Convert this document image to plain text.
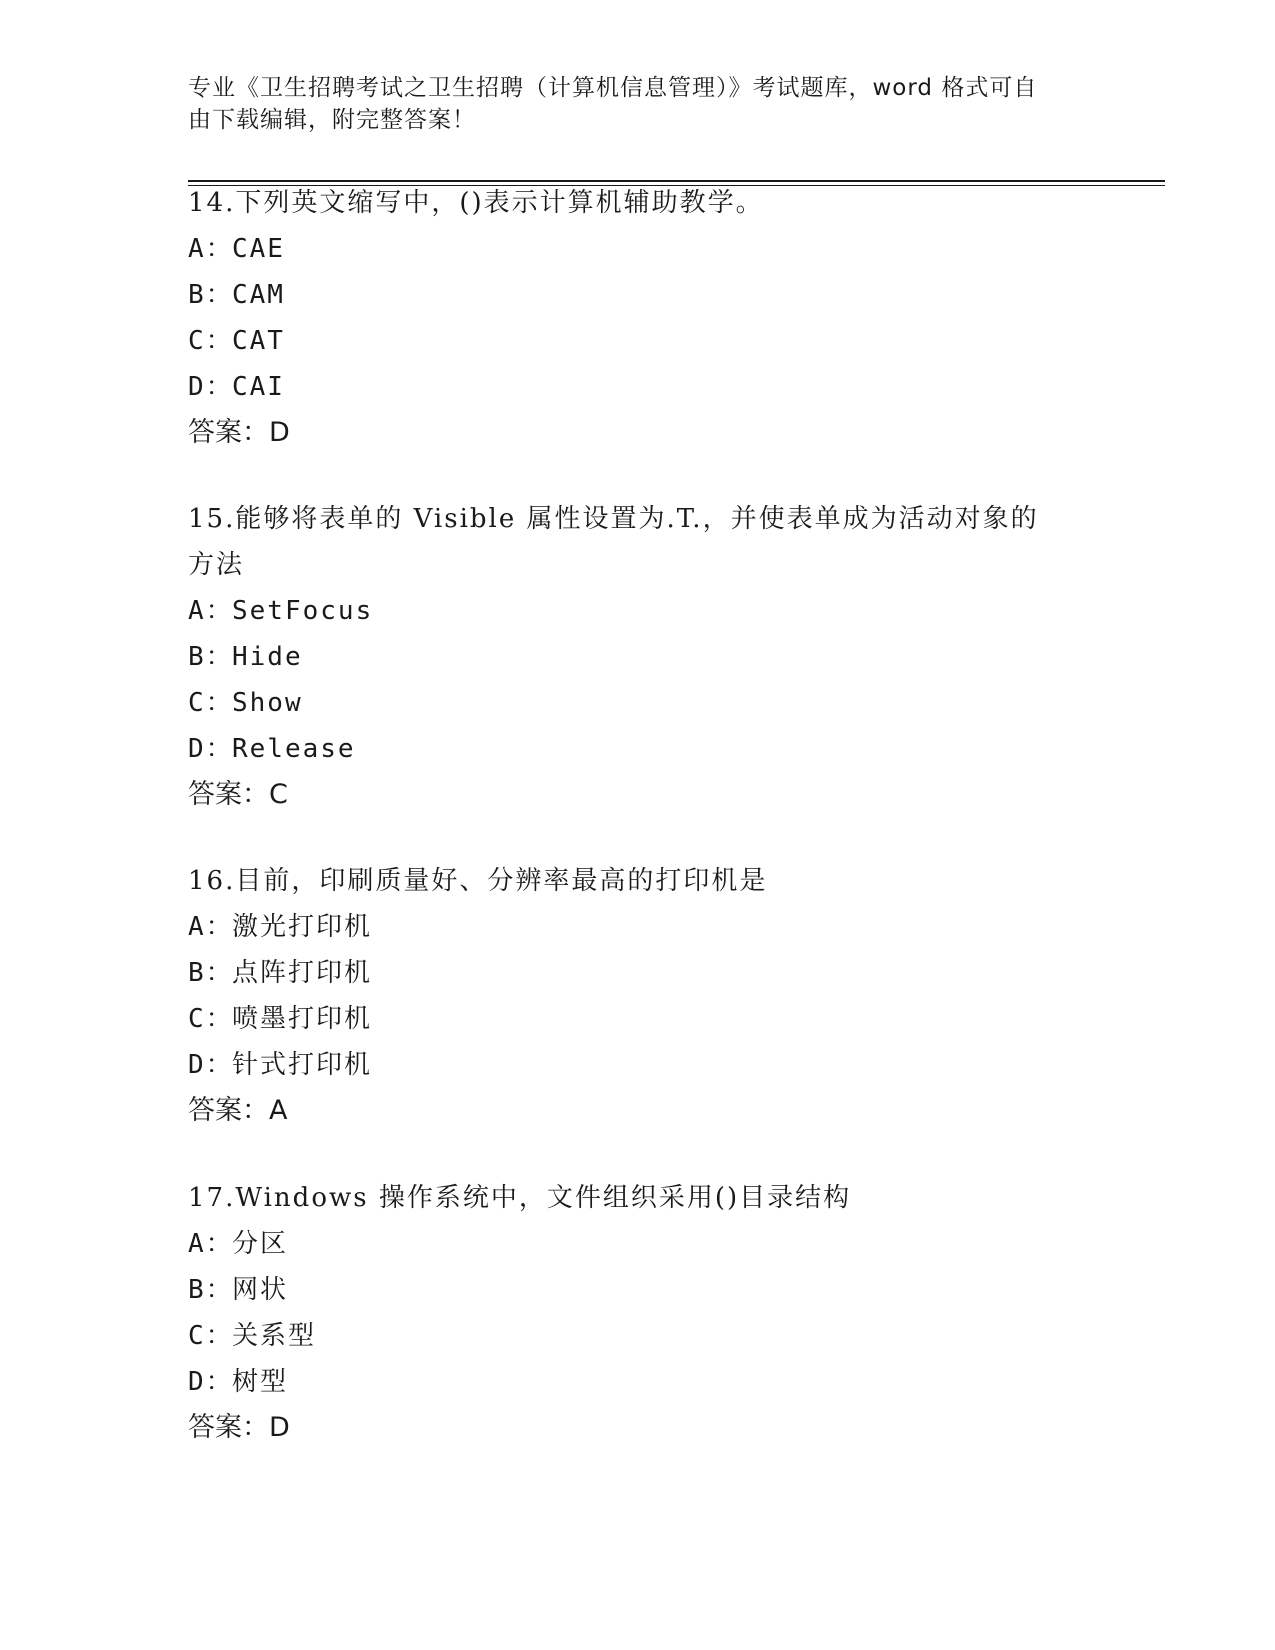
专业《卫生招聘考试之卫生招聘（计算机信息管理）》考试题库，word 格式可自
由下载编辑，附完整答案！

14.下列英文缩写中，()表示计算机辅助教学。

A：CAE

B：CAM

C：CAT

D：CAI

答案：D

15.能够将表单的 Visible 属性设置为.T.，并使表单成为活动对象的

方法

A：SetFocus

B：Hide

C：Show

D：Release

答案：C

16.目前，印刷质量好、分辨率最高的打印机是

A：激光打印机

B：点阵打印机

C：喷墨打印机

D：针式打印机

答案：A

17.Windows 操作系统中，文件组织采用()目录结构

A：分区

B：网状

C：关系型

D：树型

答案：D
